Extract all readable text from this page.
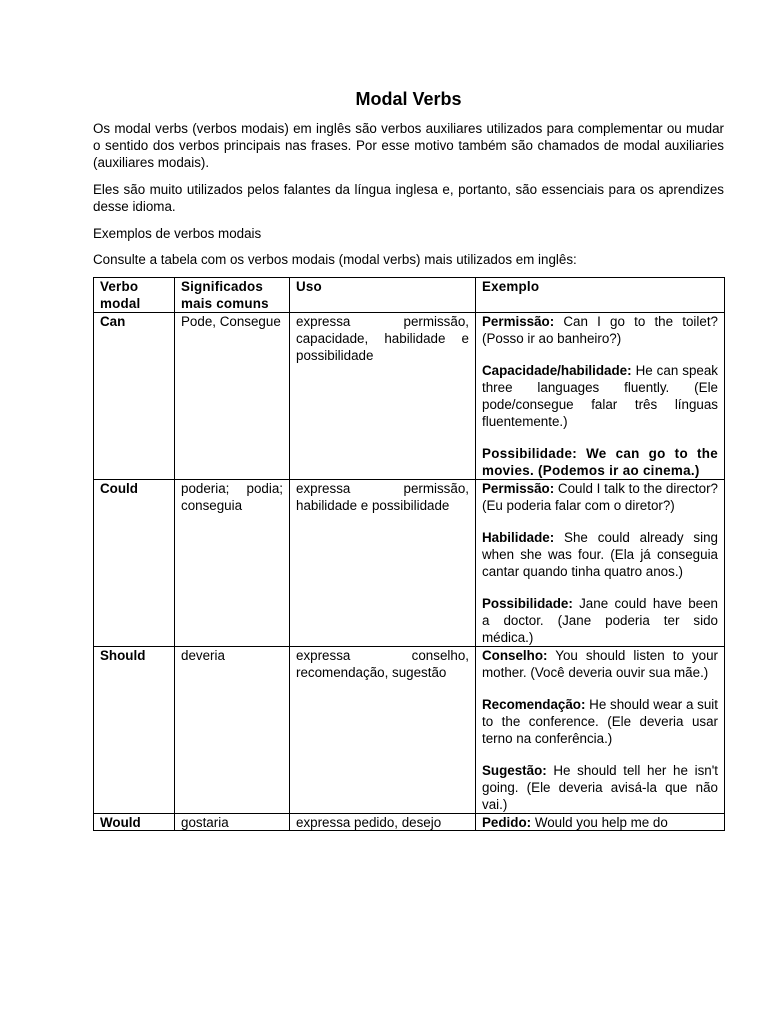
Modal Verbs

Os modal verbs (verbos modais) em inglês são verbos auxiliares utilizados para complementar ou mudar o sentido dos verbos principais nas frases. Por esse motivo também são chamados de modal auxiliaries (auxiliares modais).

Eles são muito utilizados pelos falantes da língua inglesa e, portanto, são essenciais para os aprendizes desse idioma.

Exemplos de verbos modais

Consulte a tabela com os verbos modais (modal verbs) mais utilizados em inglês:

Verbo modal	Significados mais comuns	Uso	Exemplo
Can	Pode, Consegue	expressa permissão, capacidade, habilidade e possibilidade	Permissão: Can I go to the toilet? (Posso ir ao banheiro?)

Capacidade/habilidade: He can speak three languages fluently. (Ele pode/consegue falar três línguas fluentemente.)

Possibilidade: We can go to the movies. (Podemos ir ao cinema.)

Could	poderia; podia; conseguia	expressa permissão, habilidade e possibilidade	Permissão: Could I talk to the director? (Eu poderia falar com o diretor?)

Habilidade: She could already sing when she was four. (Ela já conseguia cantar quando tinha quatro anos.)

Possibilidade: Jane could have been a doctor. (Jane poderia ter sido médica.)

Should	deveria	expressa conselho, recomendação, sugestão	Conselho: You should listen to your mother. (Você deveria ouvir sua mãe.)

Recomendação: He should wear a suit to the conference. (Ele deveria usar terno na conferência.)

Sugestão: He should tell her he isn't going. (Ele deveria avisá-la que não vai.)

Would	gostaria	expressa pedido, desejo	Pedido: Would you help me do
